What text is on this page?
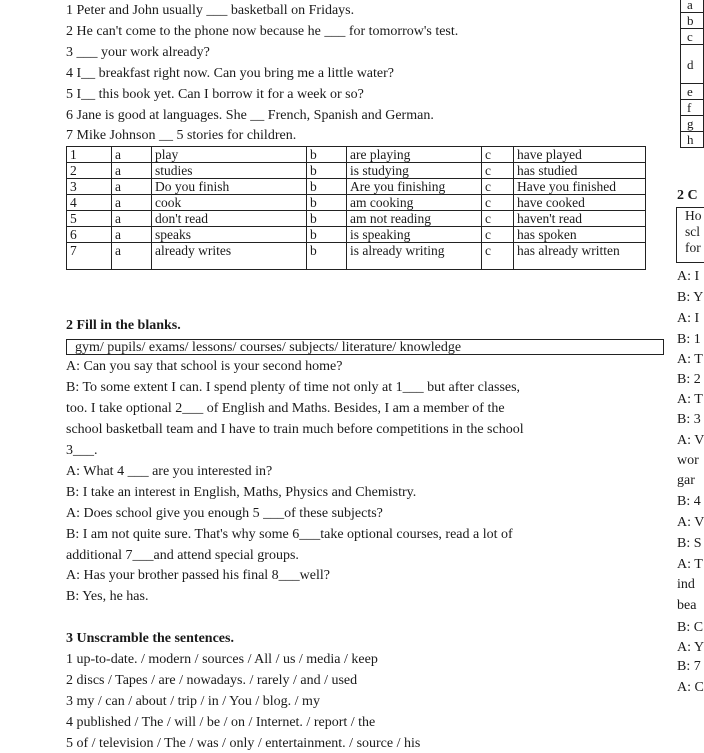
1 Peter and John usually ___ basketball on Fridays.
2 He can't come to the phone now because he ___ for tomorrow's test.
3 ___ your work already?
4 I__ breakfast right now. Can you bring me a little water?
5 I__ this book yet. Can I borrow it for a week or so?
6 Jane is good at languages. She __ French, Spanish and German.
7 Mike Johnson __ 5 stories for children.
1	a	play	b	are playing	c	have played
2	a	studies	b	is studying	c	has studied
3	a	Do you finish	b	Are you finishing	c	Have you finished
4	a	cook	b	am cooking	c	have cooked
5	a	don't read	b	am not reading	c	haven't read
6	a	speaks	b	is speaking	c	has spoken
7	a	already writes	b	is already writing	c	has already written
2 Fill in the blanks.
gym/ pupils/ exams/ lessons/ courses/ subjects/ literature/ knowledge
A: Can you say that school is your second home?
B: To some extent I can. I spend plenty of time not only at 1___ but after classes,
too. I take optional 2___ of English and Maths. Besides, I am a member of the
school basketball team and I have to train much before competitions in the school
3___.
A: What 4 ___ are you interested in?
B: I take an interest in English, Maths, Physics and Chemistry.
A: Does school give you enough 5 ___of these subjects?
B: I am not quite sure. That's why some 6___take optional courses, read a lot of
additional 7___and attend special groups.
A: Has your brother passed his final 8___well?
B: Yes, he has.
3 Unscramble the sentences.
1 up-to-date. / modern / sources / All / us / media / keep
2 discs / Tapes / are / nowadays. / rarely / and / used
3 my / can / about / trip / in / You / blog. / my
4 published / The / will / be / on / Internet. / report / the
5 of / television / The / was / only / entertainment. / source / his
a
b
c
d
e
f
g
h
2 C
Ho
scl
for
A: I
B: Y
A: I
B: 1
A: T
B: 2
A: T
B: 3
A: V
wor
gar
B: 4
A: V
B: S
A: T
ind
bea
B: C
A: Y
B: 7
A: C
